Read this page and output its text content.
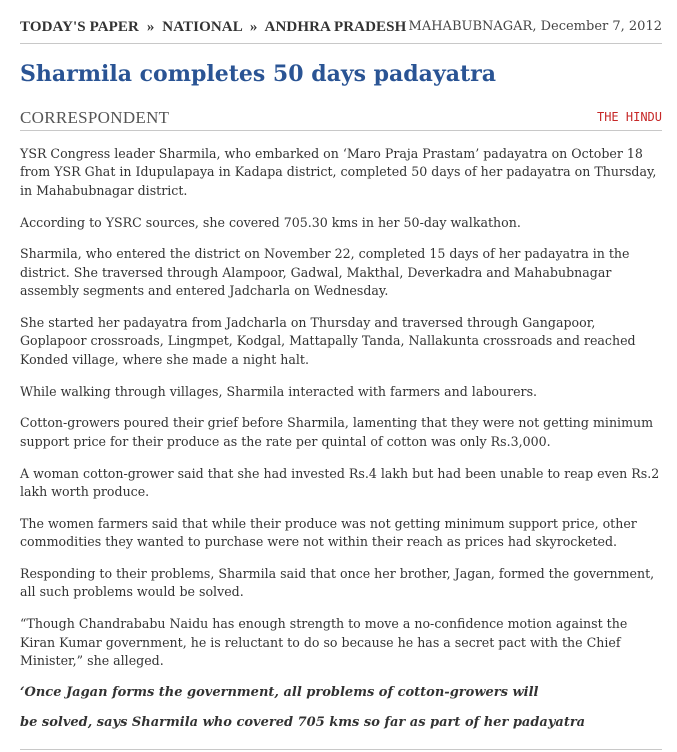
TODAY'S PAPER » NATIONAL » ANDHRA PRADESH MAHABUBNAGAR, December 7, 2012
Sharmila completes 50 days padayatra
CORRESPONDENT	THE HINDU

YSR Congress leader Sharmila, who embarked on ‘Maro Praja Prastam’ padayatra on October 18 from YSR Ghat in Idupulapaya in Kadapa district, completed 50 days of her padayatra on Thursday, in Mahabubnagar district.

According to YSRC sources, she covered 705.30 kms in her 50-day walkathon.

Sharmila, who entered the district on November 22, completed 15 days of her padayatra in the district. She traversed through Alampoor, Gadwal, Makthal, Deverkadra and Mahabubnagar assembly segments and entered Jadcharla on Wednesday.

She started her padayatra from Jadcharla on Thursday and traversed through Gangapoor, Goplapoor crossroads, Lingmpet, Kodgal, Mattapally Tanda, Nallakunta crossroads and reached Konded village, where she made a night halt.

While walking through villages, Sharmila interacted with farmers and labourers.

Cotton-growers poured their grief before Sharmila, lamenting that they were not getting minimum support price for their produce as the rate per quintal of cotton was only Rs.3,000.

A woman cotton-grower said that she had invested Rs.4 lakh but had been unable to reap even Rs.2 lakh worth produce.

The women farmers said that while their produce was not getting minimum support price, other commodities they wanted to purchase were not within their reach as prices had skyrocketed.

Responding to their problems, Sharmila said that once her brother, Jagan, formed the government, all such problems would be solved.

“Though Chandrababu Naidu has enough strength to move a no-confidence motion against the Kiran Kumar government, he is reluctant to do so because he has a secret pact with the Chief Minister,” she alleged.

‘Once Jagan forms the government, all problems of cotton-growers will

be solved, says Sharmila who covered 705 kms so far as part of her padayatra
